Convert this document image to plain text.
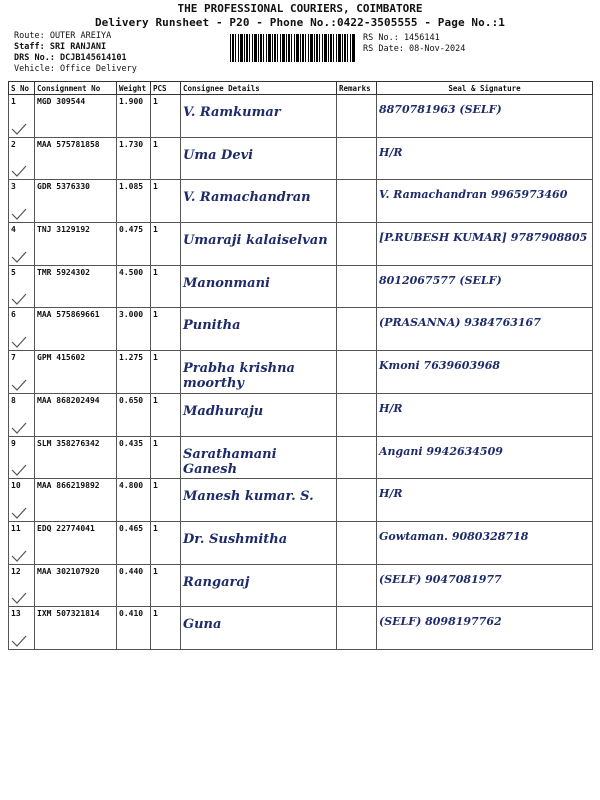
THE PROFESSIONAL COURIERS, COIMBATORE
Delivery Runsheet - P20 - Phone No.:0422-3505555 - Page No.:1
Route: OUTER AREIYA
Staff: SRI RANJANI
DRS No.: DCJB145614101
Vehicle: Office Delivery
RS No.: 1456141
RS Date: 08-Nov-2024
S No	Consignment No	Weight	PCS	Consignee Details	Remarks	Seal & Signature
1	MGD 309544	1.900	1	V. Ramkumar		8870781963 (SELF)

2	MAA 575781858	1.730	1	Uma Devi		H/R

3	GDR 5376330	1.085	1	V. Ramachandran		V. Ramachandran 9965973460

4	TNJ 3129192	0.475	1	Umaraji kalaiselvan		[P.RUBESH KUMAR] 9787908805

5	TMR 5924302	4.500	1	Manonmani		8012067577 (SELF)

6	MAA 575869661	3.000	1	Punitha		(PRASANNA) 9384763167

7	GPM 415602	1.275	1	Prabha krishna moorthy		Kmoni 7639603968

8	MAA 868202494	0.650	1	Madhuraju		H/R

9	SLM 358276342	0.435	1	Sarathamani Ganesh		Angani 9942634509

10	MAA 866219892	4.800	1	Manesh kumar. S.		H/R

11	EDQ 22774041	0.465	1	Dr. Sushmitha		Gowtaman. 9080328718

12	MAA 302107920	0.440	1	Rangaraj		(SELF) 9047081977

13	IXM 507321814	0.410	1	Guna		(SELF) 8098197762
